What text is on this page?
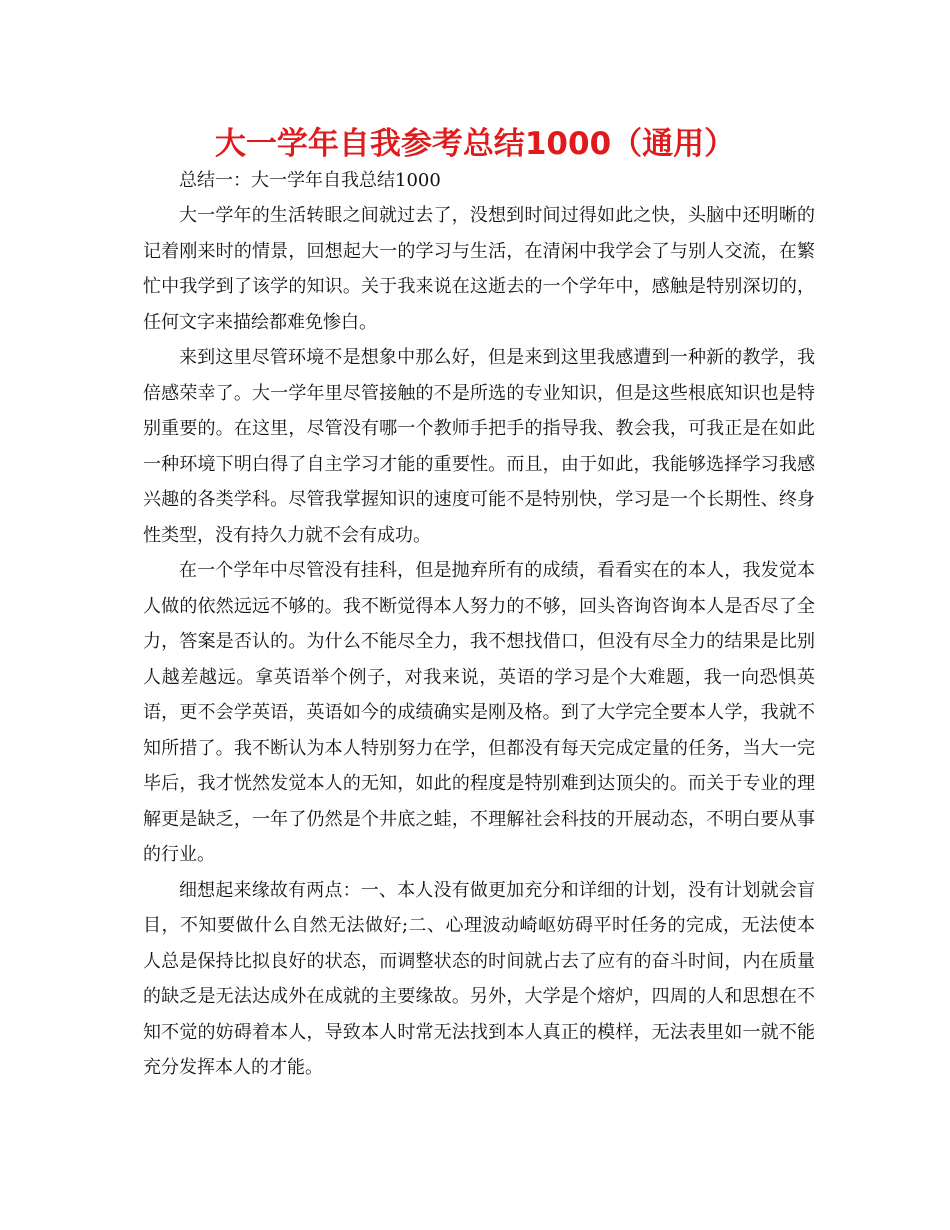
大一学年自我参考总结1000（通用）

总结一：大一学年自我总结1000

大一学年的生活转眼之间就过去了，没想到时间过得如此之快，头脑中还明晰的记着刚来时的情景，回想起大一的学习与生活，在清闲中我学会了与别人交流，在繁忙中我学到了该学的知识。关于我来说在这逝去的一个学年中，感触是特别深切的，任何文字来描绘都难免惨白。

来到这里尽管环境不是想象中那么好，但是来到这里我感遭到一种新的教学，我倍感荣幸了。大一学年里尽管接触的不是所选的专业知识，但是这些根底知识也是特别重要的。在这里，尽管没有哪一个教师手把手的指导我、教会我，可我正是在如此一种环境下明白得了自主学习才能的重要性。而且，由于如此，我能够选择学习我感兴趣的各类学科。尽管我掌握知识的速度可能不是特别快，学习是一个长期性、终身性类型，没有持久力就不会有成功。

在一个学年中尽管没有挂科，但是抛弃所有的成绩，看看实在的本人，我发觉本人做的依然远远不够的。我不断觉得本人努力的不够，回头咨询咨询本人是否尽了全力，答案是否认的。为什么不能尽全力，我不想找借口，但没有尽全力的结果是比别人越差越远。拿英语举个例子，对我来说，英语的学习是个大难题，我一向恐惧英语，更不会学英语，英语如今的成绩确实是刚及格。到了大学完全要本人学，我就不知所措了。我不断认为本人特别努力在学，但都没有每天完成定量的任务，当大一完毕后，我才恍然发觉本人的无知，如此的程度是特别难到达顶尖的。而关于专业的理解更是缺乏，一年了仍然是个井底之蛙，不理解社会科技的开展动态，不明白要从事的行业。

细想起来缘故有两点：一、本人没有做更加充分和详细的计划，没有计划就会盲目，不知要做什么自然无法做好;二、心理波动崎岖妨碍平时任务的完成，无法使本人总是保持比拟良好的状态，而调整状态的时间就占去了应有的奋斗时间，内在质量的缺乏是无法达成外在成就的主要缘故。另外，大学是个熔炉，四周的人和思想在不知不觉的妨碍着本人，导致本人时常无法找到本人真正的模样，无法表里如一就不能充分发挥本人的才能。
